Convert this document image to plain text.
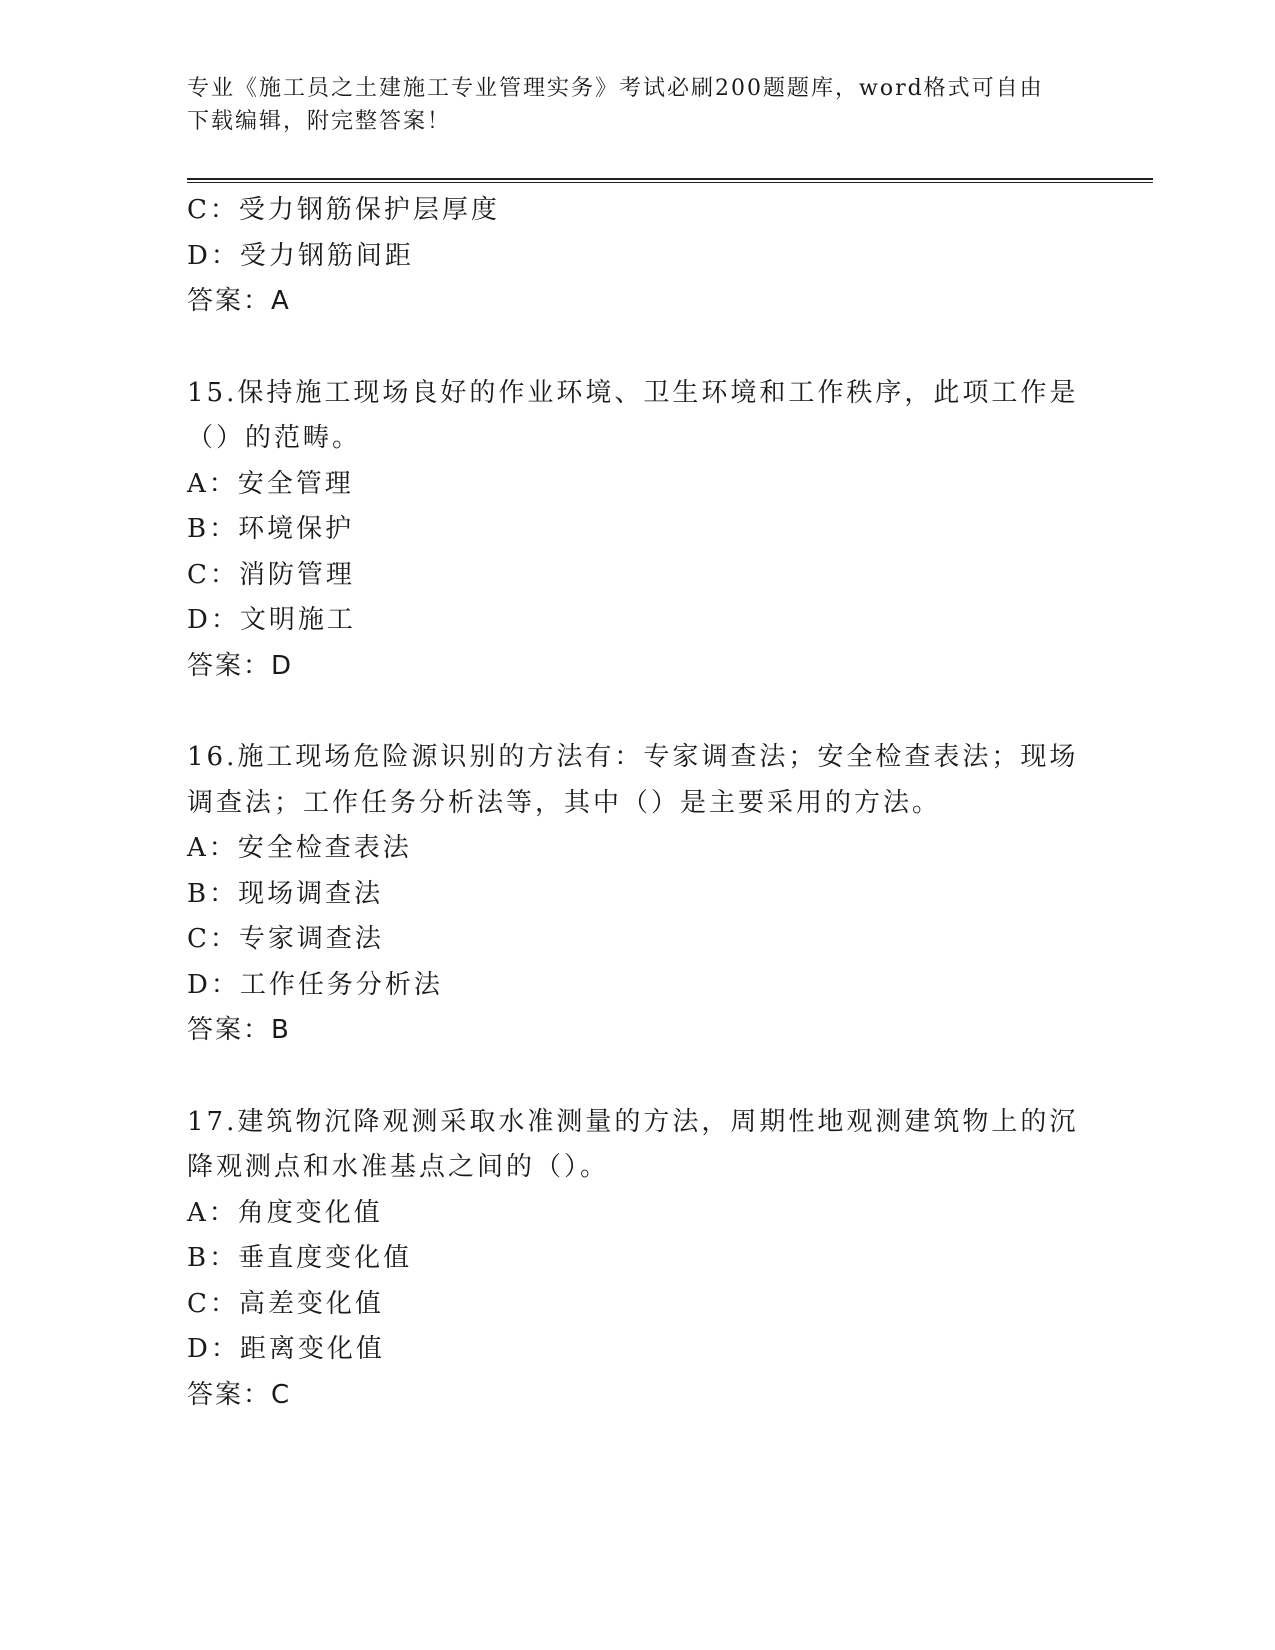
专业《施工员之土建施工专业管理实务》考试必刷200题题库，word格式可自由
下载编辑，附完整答案！
C：受力钢筋保护层厚度
D：受力钢筋间距
答案：A
15.保持施工现场良好的作业环境、卫生环境和工作秩序，此项工作是
（）的范畴。
A：安全管理
B：环境保护
C：消防管理
D：文明施工
答案：D
16.施工现场危险源识别的方法有：专家调查法；安全检查表法；现场
调查法；工作任务分析法等，其中（）是主要采用的方法。
A：安全检查表法
B：现场调查法
C：专家调查法
D：工作任务分析法
答案：B
17.建筑物沉降观测采取水准测量的方法，周期性地观测建筑物上的沉
降观测点和水准基点之间的（）。
A：角度变化值
B：垂直度变化值
C：高差变化值
D：距离变化值
答案：C
